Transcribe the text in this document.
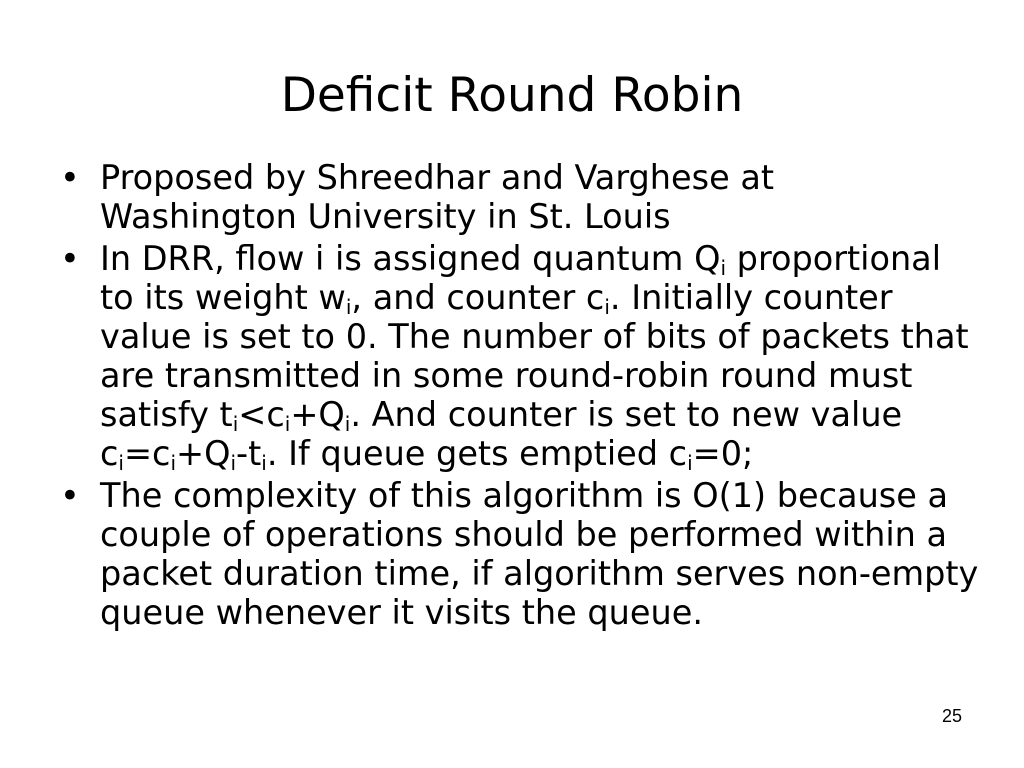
Deficit Round Robin
• Proposed by Shreedhar and Varghese at Washington University in St. Louis
• In DRR, flow i is assigned quantum $Q_i$ proportional to its weight $w_i$, and counter $c_i$. Initially counter value is set to 0. The number of bits of packets that are transmitted in some round-robin round must satisfy $t_i<c_i+Q_i$. And counter is set to new value $c_i=c_i+Q_i-t_i$. If queue gets emptied $c_i=0$;
• The complexity of this algorithm is O(1) because a couple of operations should be performed within a packet duration time, if algorithm serves non-empty queue whenever it visits the queue.
25
